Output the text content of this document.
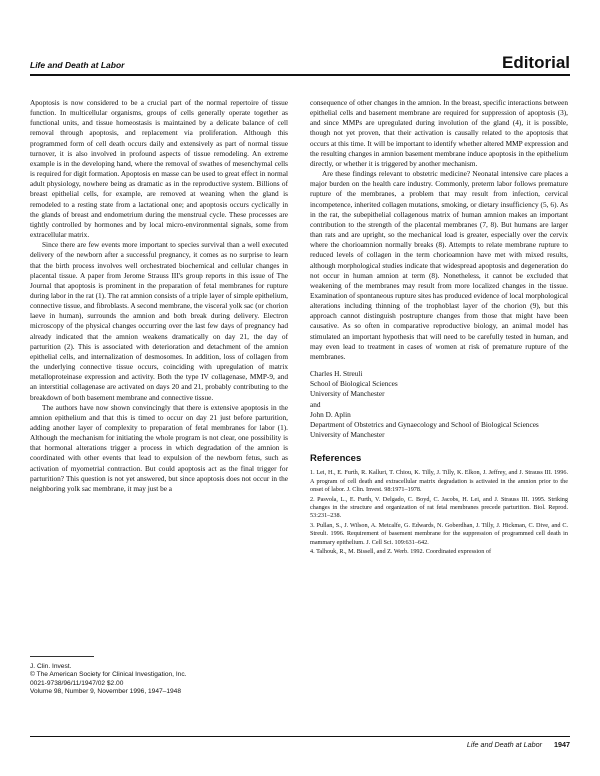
Life and Death at Labor	Editorial

Apoptosis is now considered to be a crucial part of the normal repertoire of tissue function. In multicellular organisms, groups of cells generally operate together as functional units, and tissue homeostasis is maintained by a delicate balance of cell removal through apoptosis, and replacement via proliferation. Although this programmed form of cell death occurs daily and extensively as part of normal tissue turnover, it is also involved in profound aspects of tissue remodeling. An extreme example is in the developing hand, where the removal of swathes of mesenchymal cells is required for digit formation. Apoptosis en masse can be used to great effect in normal adult physiology, nowhere being as dramatic as in the reproductive system. Billions of breast epithelial cells, for example, are removed at weaning when the gland is remodeled to a resting state from a lactational one; and apoptosis occurs cyclically in the glands of breast and endometrium during the menstrual cycle. These processes are tightly controlled by hormones and by local micro-environmental signals, some from extracellular matrix.

Since there are few events more important to species survival than a well executed delivery of the newborn after a successful pregnancy, it comes as no surprise to learn that the birth process involves well orchestrated biochemical and cellular changes in placental tissue. A paper from Jerome Strauss III's group reports in this issue of The Journal that apoptosis is prominent in the preparation of fetal membranes for rupture during labor in the rat (1). The rat amnion consists of a triple layer of simple epithelium, connective tissue, and fibroblasts. A second membrane, the visceral yolk sac (or chorion laeve in human), surrounds the amnion and both break during delivery. Electron microscopy of the physical changes occurring over the last few days of pregnancy had already indicated that the amnion weakens dramatically on day 21, the day of parturition (2). This is associated with deterioration and detachment of the amnion epithelial cells, and internalization of desmosomes. In addition, loss of collagen from the underlying connective tissue occurs, coinciding with upregulation of matrix metalloproteinase expression and activity. Both the type IV collagenase, MMP-9, and an interstitial collagenase are activated on days 20 and 21, probably contributing to the breakdown of both basement membrane and connective tissue.

The authors have now shown convincingly that there is extensive apoptosis in the amnion epithelium and that this is timed to occur on day 21 just before parturition, adding another layer of complexity to preparation of fetal membranes for labor (1). Although the mechanism for initiating the whole program is not clear, one possibility is that hormonal alterations trigger a process in which degradation of the amnion is coordinated with other events that lead to expulsion of the newborn fetus, such as activation of myometrial contraction. But could apoptosis act as the final trigger for parturition? This question is not yet answered, but since apoptosis does not occur in the neighboring yolk sac membrane, it may just be a

consequence of other changes in the amnion. In the breast, specific interactions between epithelial cells and basement membrane are required for suppression of apoptosis (3), and since MMPs are upregulated during involution of the gland (4), it is possible, though not yet proven, that their activation is causally related to the apoptosis that occurs at this time. It will be important to identify whether altered MMP expression and the resulting changes in amnion basement membrane induce apoptosis in the epithelium directly, or whether it is triggered by another mechanism.

Are these findings relevant to obstetric medicine? Neonatal intensive care places a major burden on the health care industry. Commonly, preterm labor follows premature rupture of the membranes, a problem that may result from infection, cervical incompetence, inherited collagen mutations, smoking, or dietary insufficiency (5, 6). As in the rat, the subepithelial collagenous matrix of human amnion makes an important contribution to the strength of the placental membranes (7, 8). But humans are larger than rats and are upright, so the mechanical load is greater, especially over the cervix where the chorioamnion normally breaks (8). Attempts to relate membrane rupture to reduced levels of collagen in the term chorioamnion have met with mixed results, although morphological studies indicate that widespread apoptosis and degeneration do not occur in human amnion at term (8). Nonetheless, it cannot be excluded that weakening of the membranes may result from more localized changes in the tissue. Examination of spontaneous rupture sites has produced evidence of local morphological alterations including thinning of the trophoblast layer of the chorion (9), but this approach cannot distinguish postrupture changes from those that might have been causative. As so often in comparative reproductive biology, an animal model has stimulated an important hypothesis that will need to be carefully tested in human, and may even lead to treatment in cases of women at risk of premature rupture of the membranes.

Charles H. Streuli
School of Biological Sciences
University of Manchester
and
John D. Aplin
Department of Obstetrics and Gynaecology and School of Biological Sciences
University of Manchester
References
1. Lei, H., E. Furth, R. Kalluri, T. Chiou, K. Tilly, J. Tilly, K. Elkon, J. Jeffrey, and J. Strauss III. 1996. A program of cell death and extracellular matrix degradation is activated in the amnion prior to the onset of labor. J. Clin. Invest. 98:1971–1978.
2. Pasvola, L., E. Furth, V. Delgado, C. Boyd, C. Jacobs, H. Lei, and J. Strauss III. 1995. Striking changes in the structure and organization of rat fetal membranes precede parturition. Biol. Reprod. 53:231–238.
3. Pullan, S., J. Wilson, A. Metcalfe, G. Edwards, N. Goberdhan, J. Tilly, J. Hickman, C. Dive, and C. Streuli. 1996. Requirement of basement membrane for the suppression of programmed cell death in mammary epithelium. J. Cell Sci. 109:631–642.
4. Talhouk, R., M. Bissell, and Z. Werb. 1992. Coordinated expression of
J. Clin. Invest.
© The American Society for Clinical Investigation, Inc.
0021-9738/96/11/1947/02 $2.00
Volume 98, Number 9, November 1996, 1947–1948
Life and Death at Labor 1947
